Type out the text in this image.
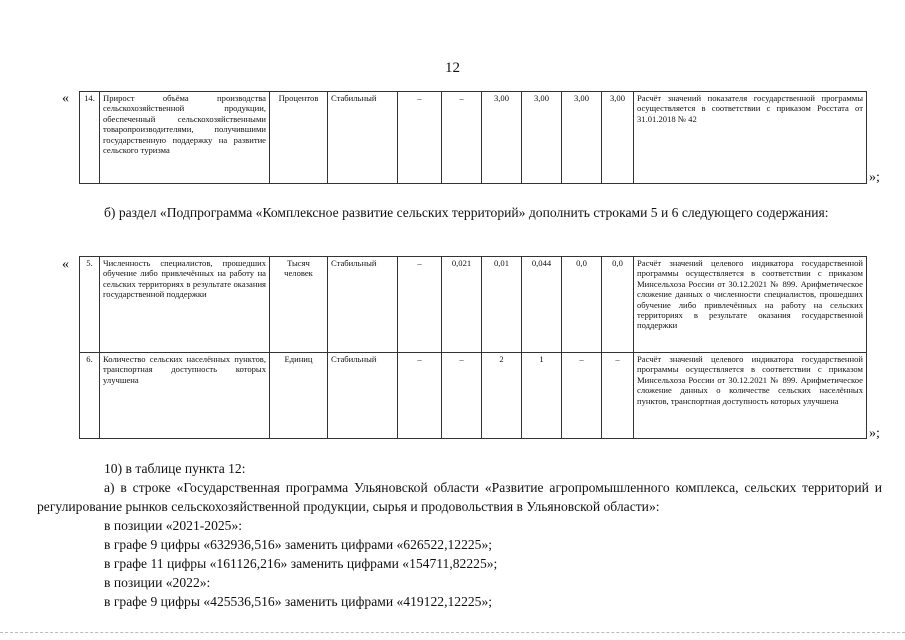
12
« 14.	Прирост объёма производства сельскохозяйственной продукции, обеспеченный сельскохозяйственными товаропроизводителями, получившими государственную поддержку на развитие сельского туризма	Процентов	Стабильный	–	–	3,00	3,00	3,00	3,00	Расчёт значений показателя государственной программы осуществляется в соответствии с приказом Росстата от 31.01.2018 № 42
»;
б) раздел «Подпрограмма «Комплексное развитие сельских территорий» дополнить строками 5 и 6 следующего содержания:
« 5.	Численность специалистов, прошедших обучение либо привлечённых на работу на сельских территориях в результате оказания государственной поддержки	Тысяч человек	Стабильный	–	0,021	0,01	0,044	0,0	0,0	Расчёт значений целевого индикатора государственной программы осуществляется в соответствии с приказом Минсельхоза России от 30.12.2021 № 899. Арифметическое сложение данных о численности специалистов, прошедших обучение либо привлечённых на работу на сельских территориях в результате оказания государственной поддержки
6.	Количество сельских населённых пунктов, транспортная доступность которых улучшена	Единиц	Стабильный	–	–	2	1	–	–	Расчёт значений целевого индикатора государственной программы осуществляется в соответствии с приказом Минсельхоза России от 30.12.2021 № 899. Арифметическое сложение данных о количестве сельских населённых пунктов, транспортная доступность которых улучшена
»;
10) в таблице пункта 12:
а) в строке «Государственная программа Ульяновской области «Развитие агропромышленного комплекса, сельских территорий и регулирование рынков сельскохозяйственной продукции, сырья и продовольствия в Ульяновской области»:
в позиции «2021-2025»:
в графе 9 цифры «632936,516» заменить цифрами «626522,12225»;
в графе 11 цифры «161126,216» заменить цифрами «154711,82225»;
в позиции «2022»:
в графе 9 цифры «425536,516» заменить цифрами «419122,12225»;
